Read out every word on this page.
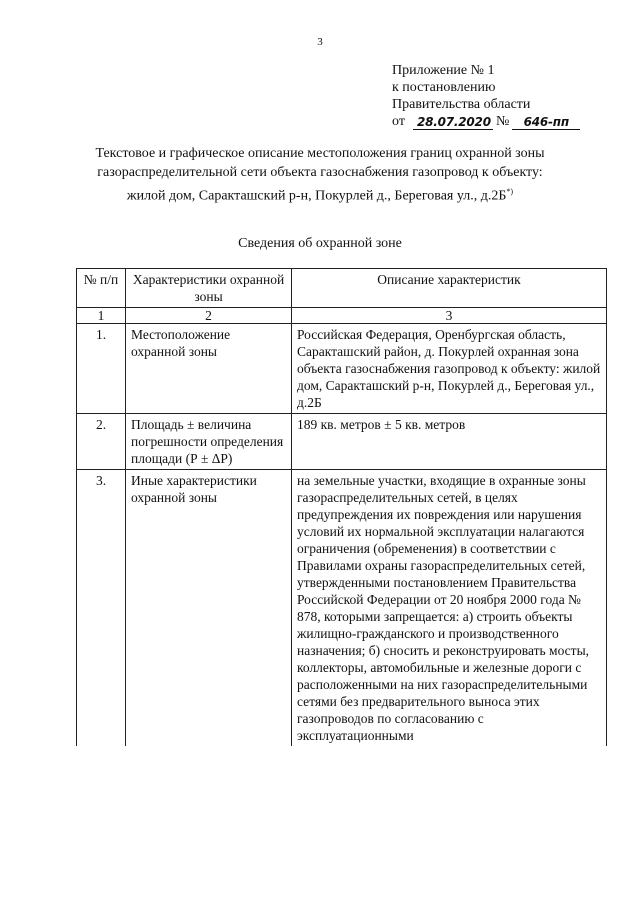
3
Приложение № 1
к постановлению
Правительства области
от	28.07.2020 №	646-пп
Текстовое и графическое описание местоположения границ охранной зоны газораспределительной сети объекта газоснабжения газопровод к объекту: жилой дом, Саракташский р-н, Покурлей д., Береговая ул., д.2Б*)
Сведения об охранной зоне
№ п/п	Характеристики охранной зоны	Описание характеристик
1	2	3
1.	Местоположение охранной зоны	Российская Федерация, Оренбургская область, Саракташский район, д. Покурлей охранная зона объекта газоснабжения газопровод к объекту: жилой дом, Саракташский р-н, Покурлей д., Береговая ул., д.2Б
2.	Площадь ± величина погрешности определения площади (Р ± ΔР)	189 кв. метров ± 5 кв. метров
3.	Иные характеристики охранной зоны	на земельные участки, входящие в охранные зоны газораспределительных сетей, в целях предупреждения их повреждения или нарушения условий их нормальной эксплуатации налагаются ограничения (обременения) в соответствии с Правилами охраны газораспределительных сетей, утвержденными постановлением Правительства Российской Федерации от 20 ноября 2000 года № 878, которыми запрещается: а) строить объекты жилищно-гражданского и производственного назначения; б) сносить и реконструировать мосты, коллекторы, автомобильные и железные дороги с расположенными на них газораспределительными сетями без предварительного выноса этих газопроводов по согласованию с эксплуатационными
